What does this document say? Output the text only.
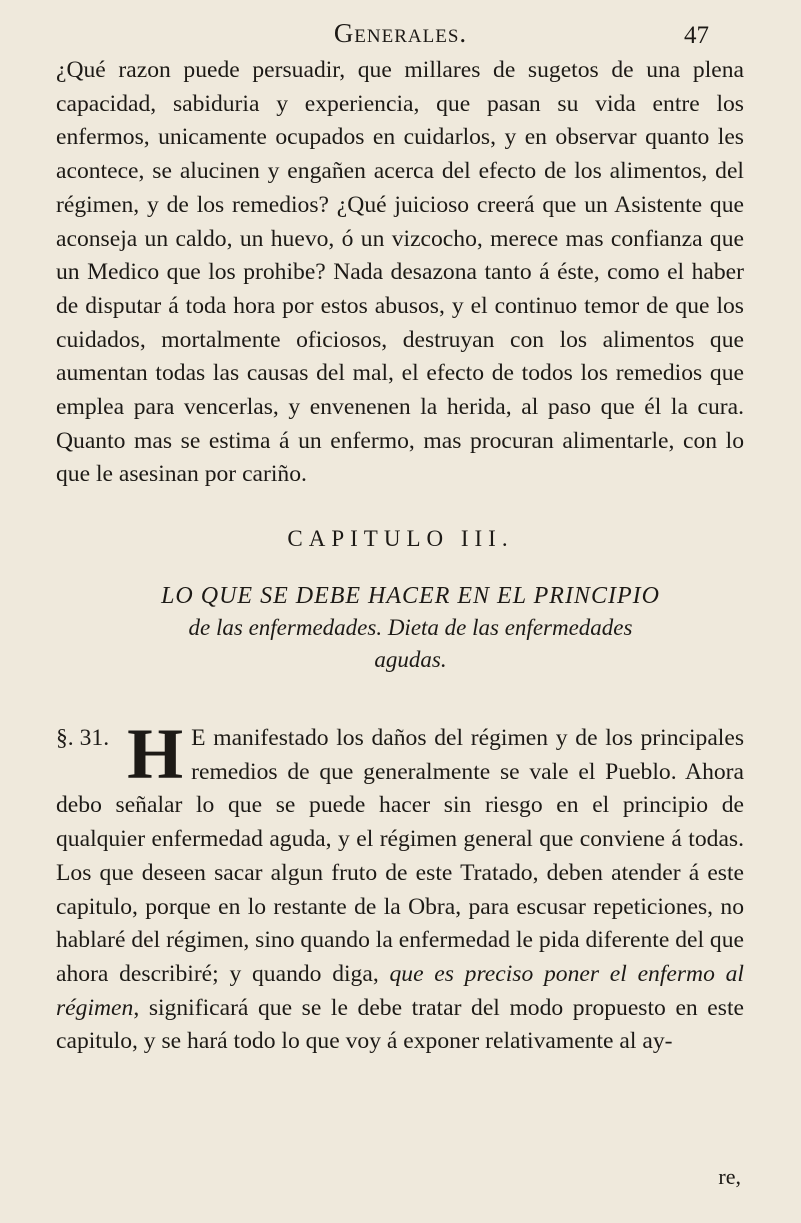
Generales.	47

¿Qué razon puede persuadir, que millares de sugetos de una plena capacidad, sabiduria y experiencia, que pasan su vida entre los enfermos, unicamente ocupados en cuidarlos, y en observar quanto les acontece, se alucinen y engañen acerca del efecto de los alimentos, del régimen, y de los remedios? ¿Qué juicioso creerá que un Asistente que aconseja un caldo, un huevo, ó un vizcocho, merece mas confianza que un Medico que los prohibe? Nada desazona tanto á éste, como el haber de disputar á toda hora por estos abusos, y el continuo temor de que los cuidados, mortalmente oficiosos, destruyan con los alimentos que aumentan todas las causas del mal, el efecto de todos los remedios que emplea para vencerlas, y envenenen la herida, al paso que él la cura. Quanto mas se estima á un enfermo, mas procuran alimentarle, con lo que le asesinan por cariño.

CAPITULO III.
LO QUE SE DEBE HACER EN EL PRINCIPIO
de las enfermedades. Dieta de las enfermedades
agudas.

§. 31. H E manifestado los daños del régimen y de los principales remedios de que generalmente se vale el Pueblo. Ahora debo señalar lo que se puede hacer sin riesgo en el principio de qualquier enfermedad aguda, y el régimen general que conviene á todas. Los que deseen sacar algun fruto de este Tratado, deben atender á este capitulo, porque en lo restante de la Obra, para escusar repeticiones, no hablaré del régimen, sino quando la enfermedad le pida diferente del que ahora describiré; y quando diga, que es preciso poner el enfermo al régimen, significará que se le debe tratar del modo propuesto en este capitulo, y se hará todo lo que voy á exponer relativamente al ay-

re,
